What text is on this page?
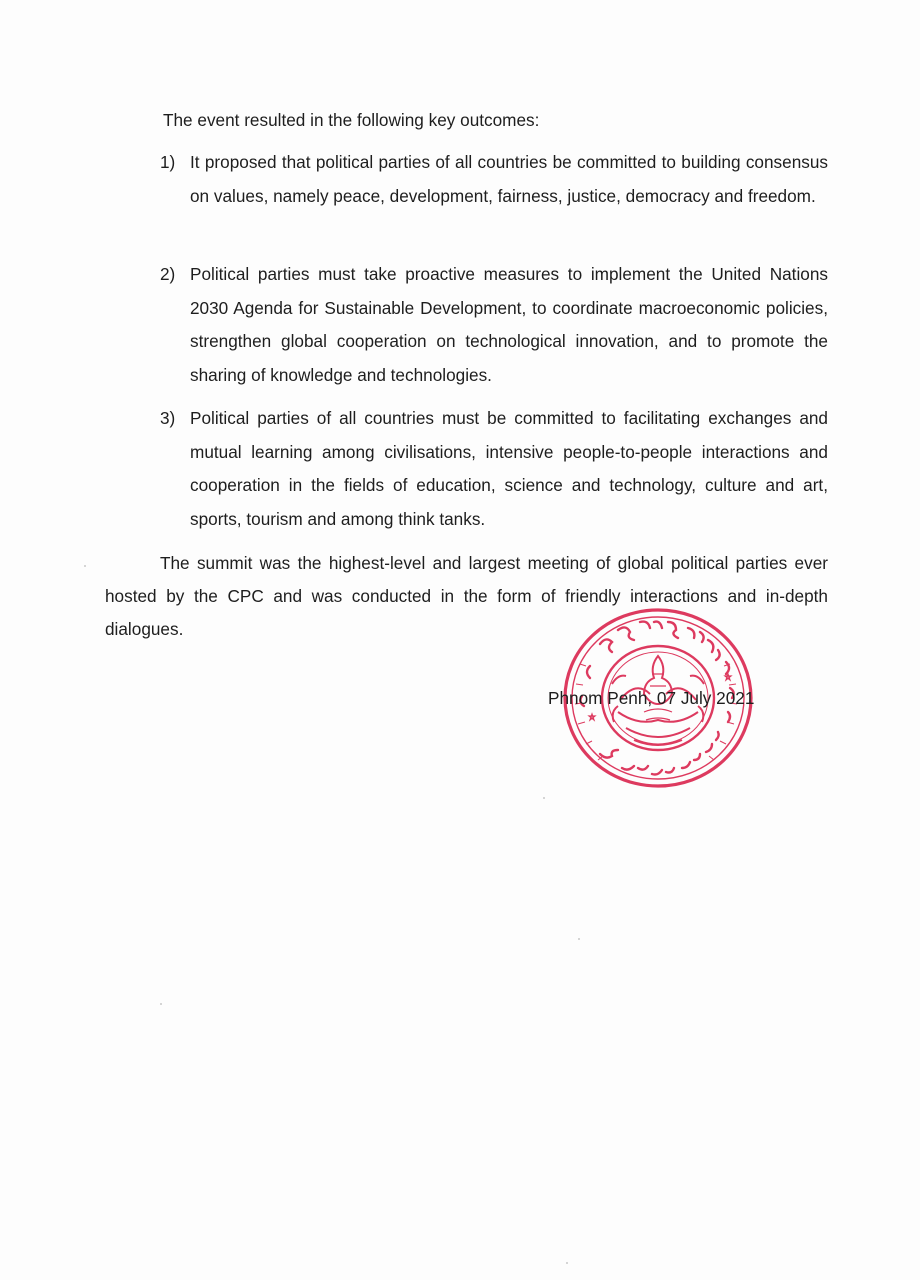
The event resulted in the following key outcomes:

1) It proposed that political parties of all countries be committed to building consensus on values, namely peace, development, fairness, justice, democracy and freedom.

2) Political parties must take proactive measures to implement the United Nations 2030 Agenda for Sustainable Development, to coordinate macroeconomic policies, strengthen global cooperation on technological innovation, and to promote the sharing of knowledge and technologies.

3) Political parties of all countries must be committed to facilitating exchanges and mutual learning among civilisations, intensive people-to-people interactions and cooperation in the fields of education, science and technology, culture and art, sports, tourism and among think tanks.

The summit was the highest-level and largest meeting of global political parties ever hosted by the CPC and was conducted in the form of friendly interactions and in-depth dialogues.

Phnom Penh, 07 July 2021
